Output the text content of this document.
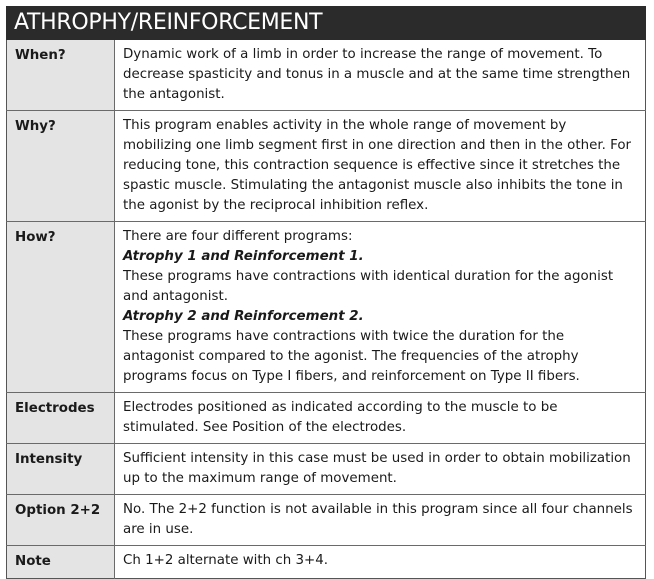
ATHROPHY/REINFORCEMENT
When?	Dynamic work of a limb in order to increase the range of movement. To decrease spasticity and tonus in a muscle and at the same time strengthen the antagonist.

Why?	This program enables activity in the whole range of movement by mobilizing one limb segment first in one direction and then in the other. For reducing tone, this contraction sequence is effective since it stretches the spastic muscle. Stimulating the antagonist muscle also inhibits the tone in the agonist by the reciprocal inhibition reflex.

How?	There are four different programs:
Atrophy 1 and Reinforcement 1.
These programs have contractions with identical duration for the agonist and antagonist.
Atrophy 2 and Reinforcement 2.
These programs have contractions with twice the duration for the antagonist compared to the agonist. The frequencies of the atrophy programs focus on Type I fibers, and reinforcement on Type II fibers.

Electrodes	Electrodes positioned as indicated according to the muscle to be stimulated. See Position of the electrodes.

Intensity	Sufficient intensity in this case must be used in order to obtain mobilization up to the maximum range of movement.

Option 2+2	No. The 2+2 function is not available in this program since all four channels are in use.

Note	Ch 1+2 alternate with ch 3+4.
